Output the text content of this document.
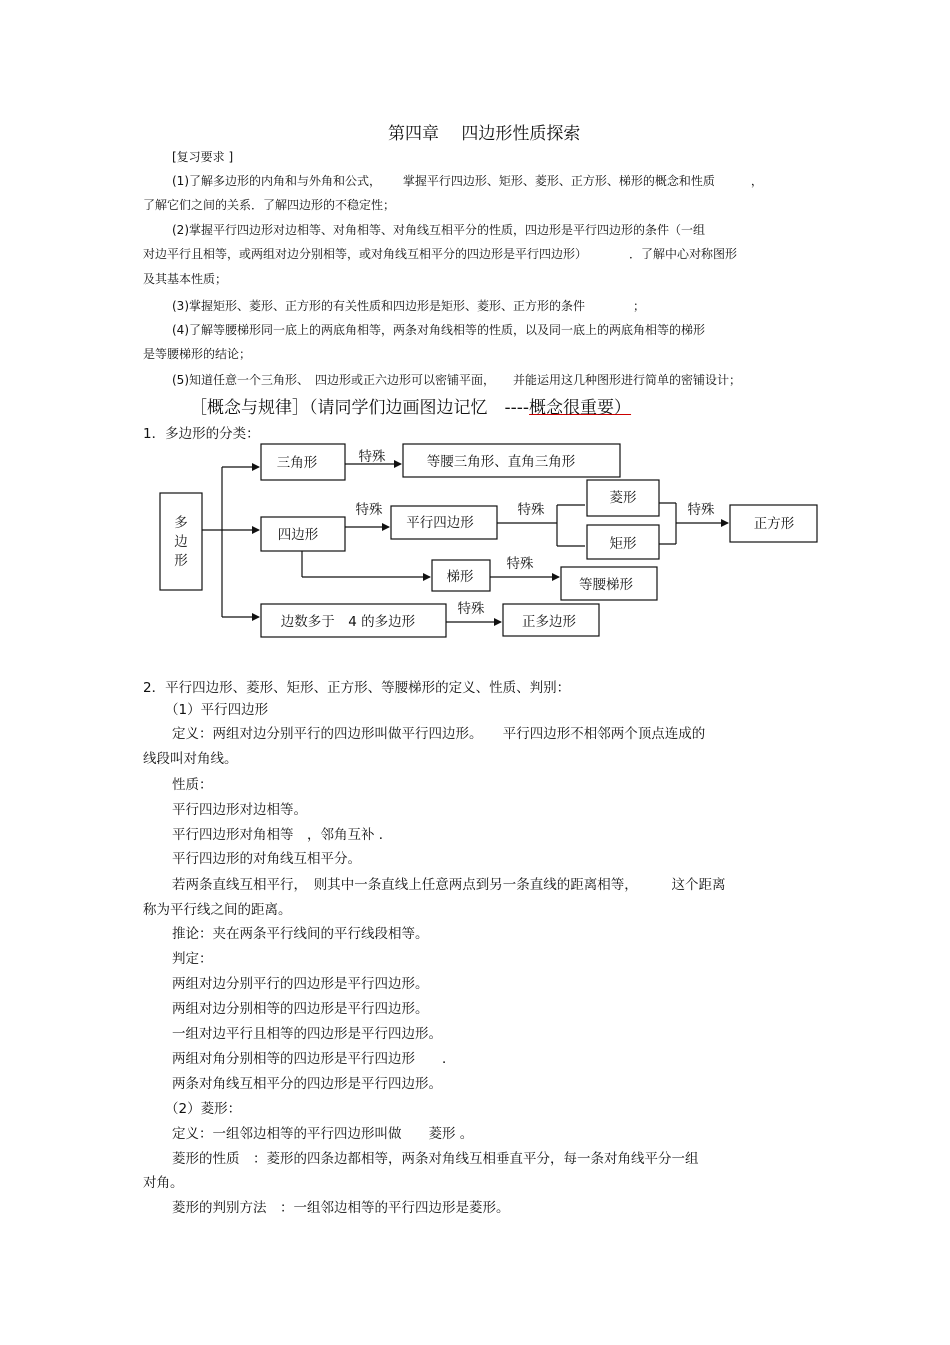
第四章　 四边形性质探索
[复习要求 ]
(1)了解多边形的内角和与外角和公式，　　 掌握平行四边形、矩形、菱形、正方形、梯形的概念和性质　　　，
了解它们之间的关系．了解四边形的不稳定性；
(2)掌握平行四边形对边相等、对角相等、对角线互相平分的性质，四边形是平行四边形的条件（一组
对边平行且相等，或两组对边分别相等，或对角线互相平分的四边形是平行四边形）　　　　．了解中心对称图形
及其基本性质；
(3)掌握矩形、菱形、正方形的有关性质和四边形是矩形、菱形、正方形的条件　　　　；
(4)了解等腰梯形同一底上的两底角相等，两条对角线相等的性质，以及同一底上的两底角相等的梯形
是等腰梯形的结论；
(5)知道任意一个三角形、　四边形或正六边形可以密铺平面，　　并能运用这几种图形进行简单的密铺设计；
［概念与规律］（请同学们边画图边记忆　----概念很重要）
1．多边形的分类：
多
边
形
三角形	特殊	等腰三角形、直角三角形
四边形
特殊
平行四边形
特殊
菱形
矩形
特殊
正方形
梯形
特殊
等腰梯形
边数多于　4 的多边形
特殊
正多边形
2．平行四边形、菱形、矩形、正方形、等腰梯形的定义、性质、判别：
（1）平行四边形
定义：两组对边分别平行的四边形叫做平行四边形。　　平行四边形不相邻两个顶点连成的
线段叫对角线。
性质：
平行四边形对边相等。
平行四边形对角相等　，邻角互补 ．
平行四边形的对角线互相平分。
若两条直线互相平行，　则其中一条直线上任意两点到另一条直线的距离相等，　　　这个距离
称为平行线之间的距离。
推论：夹在两条平行线间的平行线段相等。
判定：
两组对边分别平行的四边形是平行四边形。
两组对边分别相等的四边形是平行四边形。
一组对边平行且相等的四边形是平行四边形。
两组对角分别相等的四边形是平行四边形　　．
两条对角线互相平分的四边形是平行四边形。
（2）菱形：
定义：一组邻边相等的平行四边形叫做　　菱形 。
菱形的性质　：菱形的四条边都相等，两条对角线互相垂直平分，每一条对角线平分一组
对角。
菱形的判别方法　：一组邻边相等的平行四边形是菱形。
